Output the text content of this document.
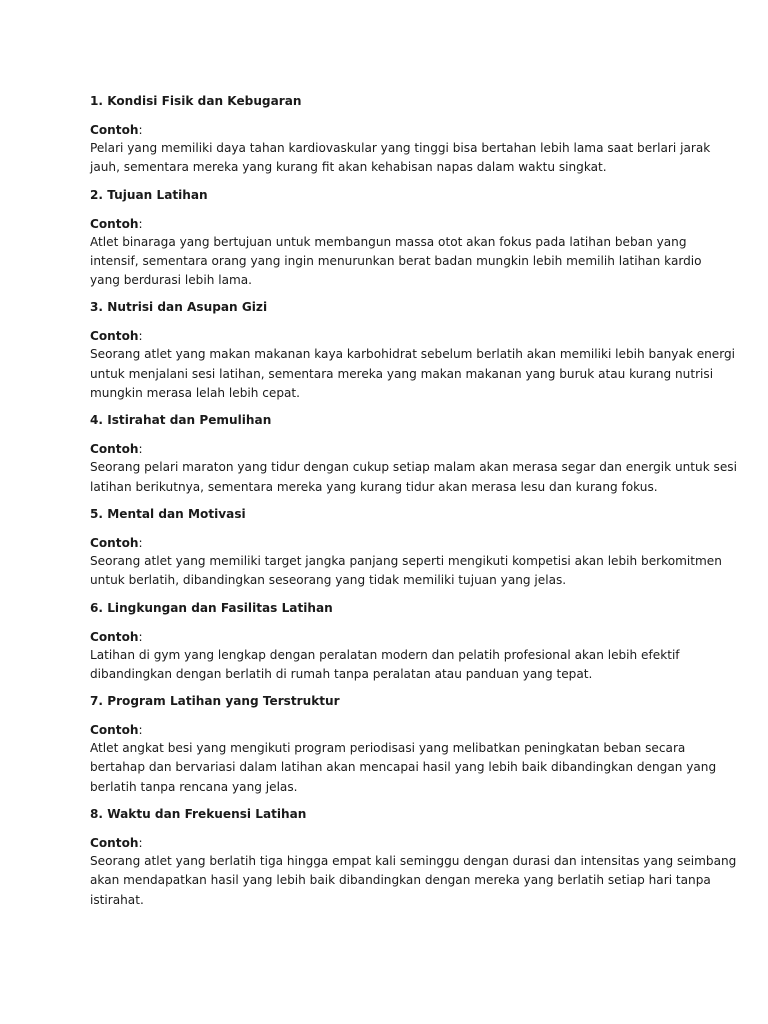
1. Kondisi Fisik dan Kebugaran
Contoh:
Pelari yang memiliki daya tahan kardiovaskular yang tinggi bisa bertahan lebih lama saat berlari jarak
jauh, sementara mereka yang kurang fit akan kehabisan napas dalam waktu singkat.
2. Tujuan Latihan
Contoh:
Atlet binaraga yang bertujuan untuk membangun massa otot akan fokus pada latihan beban yang
intensif, sementara orang yang ingin menurunkan berat badan mungkin lebih memilih latihan kardio
yang berdurasi lebih lama.
3. Nutrisi dan Asupan Gizi
Contoh:
Seorang atlet yang makan makanan kaya karbohidrat sebelum berlatih akan memiliki lebih banyak energi
untuk menjalani sesi latihan, sementara mereka yang makan makanan yang buruk atau kurang nutrisi
mungkin merasa lelah lebih cepat.
4. Istirahat dan Pemulihan
Contoh:
Seorang pelari maraton yang tidur dengan cukup setiap malam akan merasa segar dan energik untuk sesi
latihan berikutnya, sementara mereka yang kurang tidur akan merasa lesu dan kurang fokus.
5. Mental dan Motivasi
Contoh:
Seorang atlet yang memiliki target jangka panjang seperti mengikuti kompetisi akan lebih berkomitmen
untuk berlatih, dibandingkan seseorang yang tidak memiliki tujuan yang jelas.
6. Lingkungan dan Fasilitas Latihan
Contoh:
Latihan di gym yang lengkap dengan peralatan modern dan pelatih profesional akan lebih efektif
dibandingkan dengan berlatih di rumah tanpa peralatan atau panduan yang tepat.
7. Program Latihan yang Terstruktur
Contoh:
Atlet angkat besi yang mengikuti program periodisasi yang melibatkan peningkatan beban secara
bertahap dan bervariasi dalam latihan akan mencapai hasil yang lebih baik dibandingkan dengan yang
berlatih tanpa rencana yang jelas.
8. Waktu dan Frekuensi Latihan
Contoh:
Seorang atlet yang berlatih tiga hingga empat kali seminggu dengan durasi dan intensitas yang seimbang
akan mendapatkan hasil yang lebih baik dibandingkan dengan mereka yang berlatih setiap hari tanpa
istirahat.
